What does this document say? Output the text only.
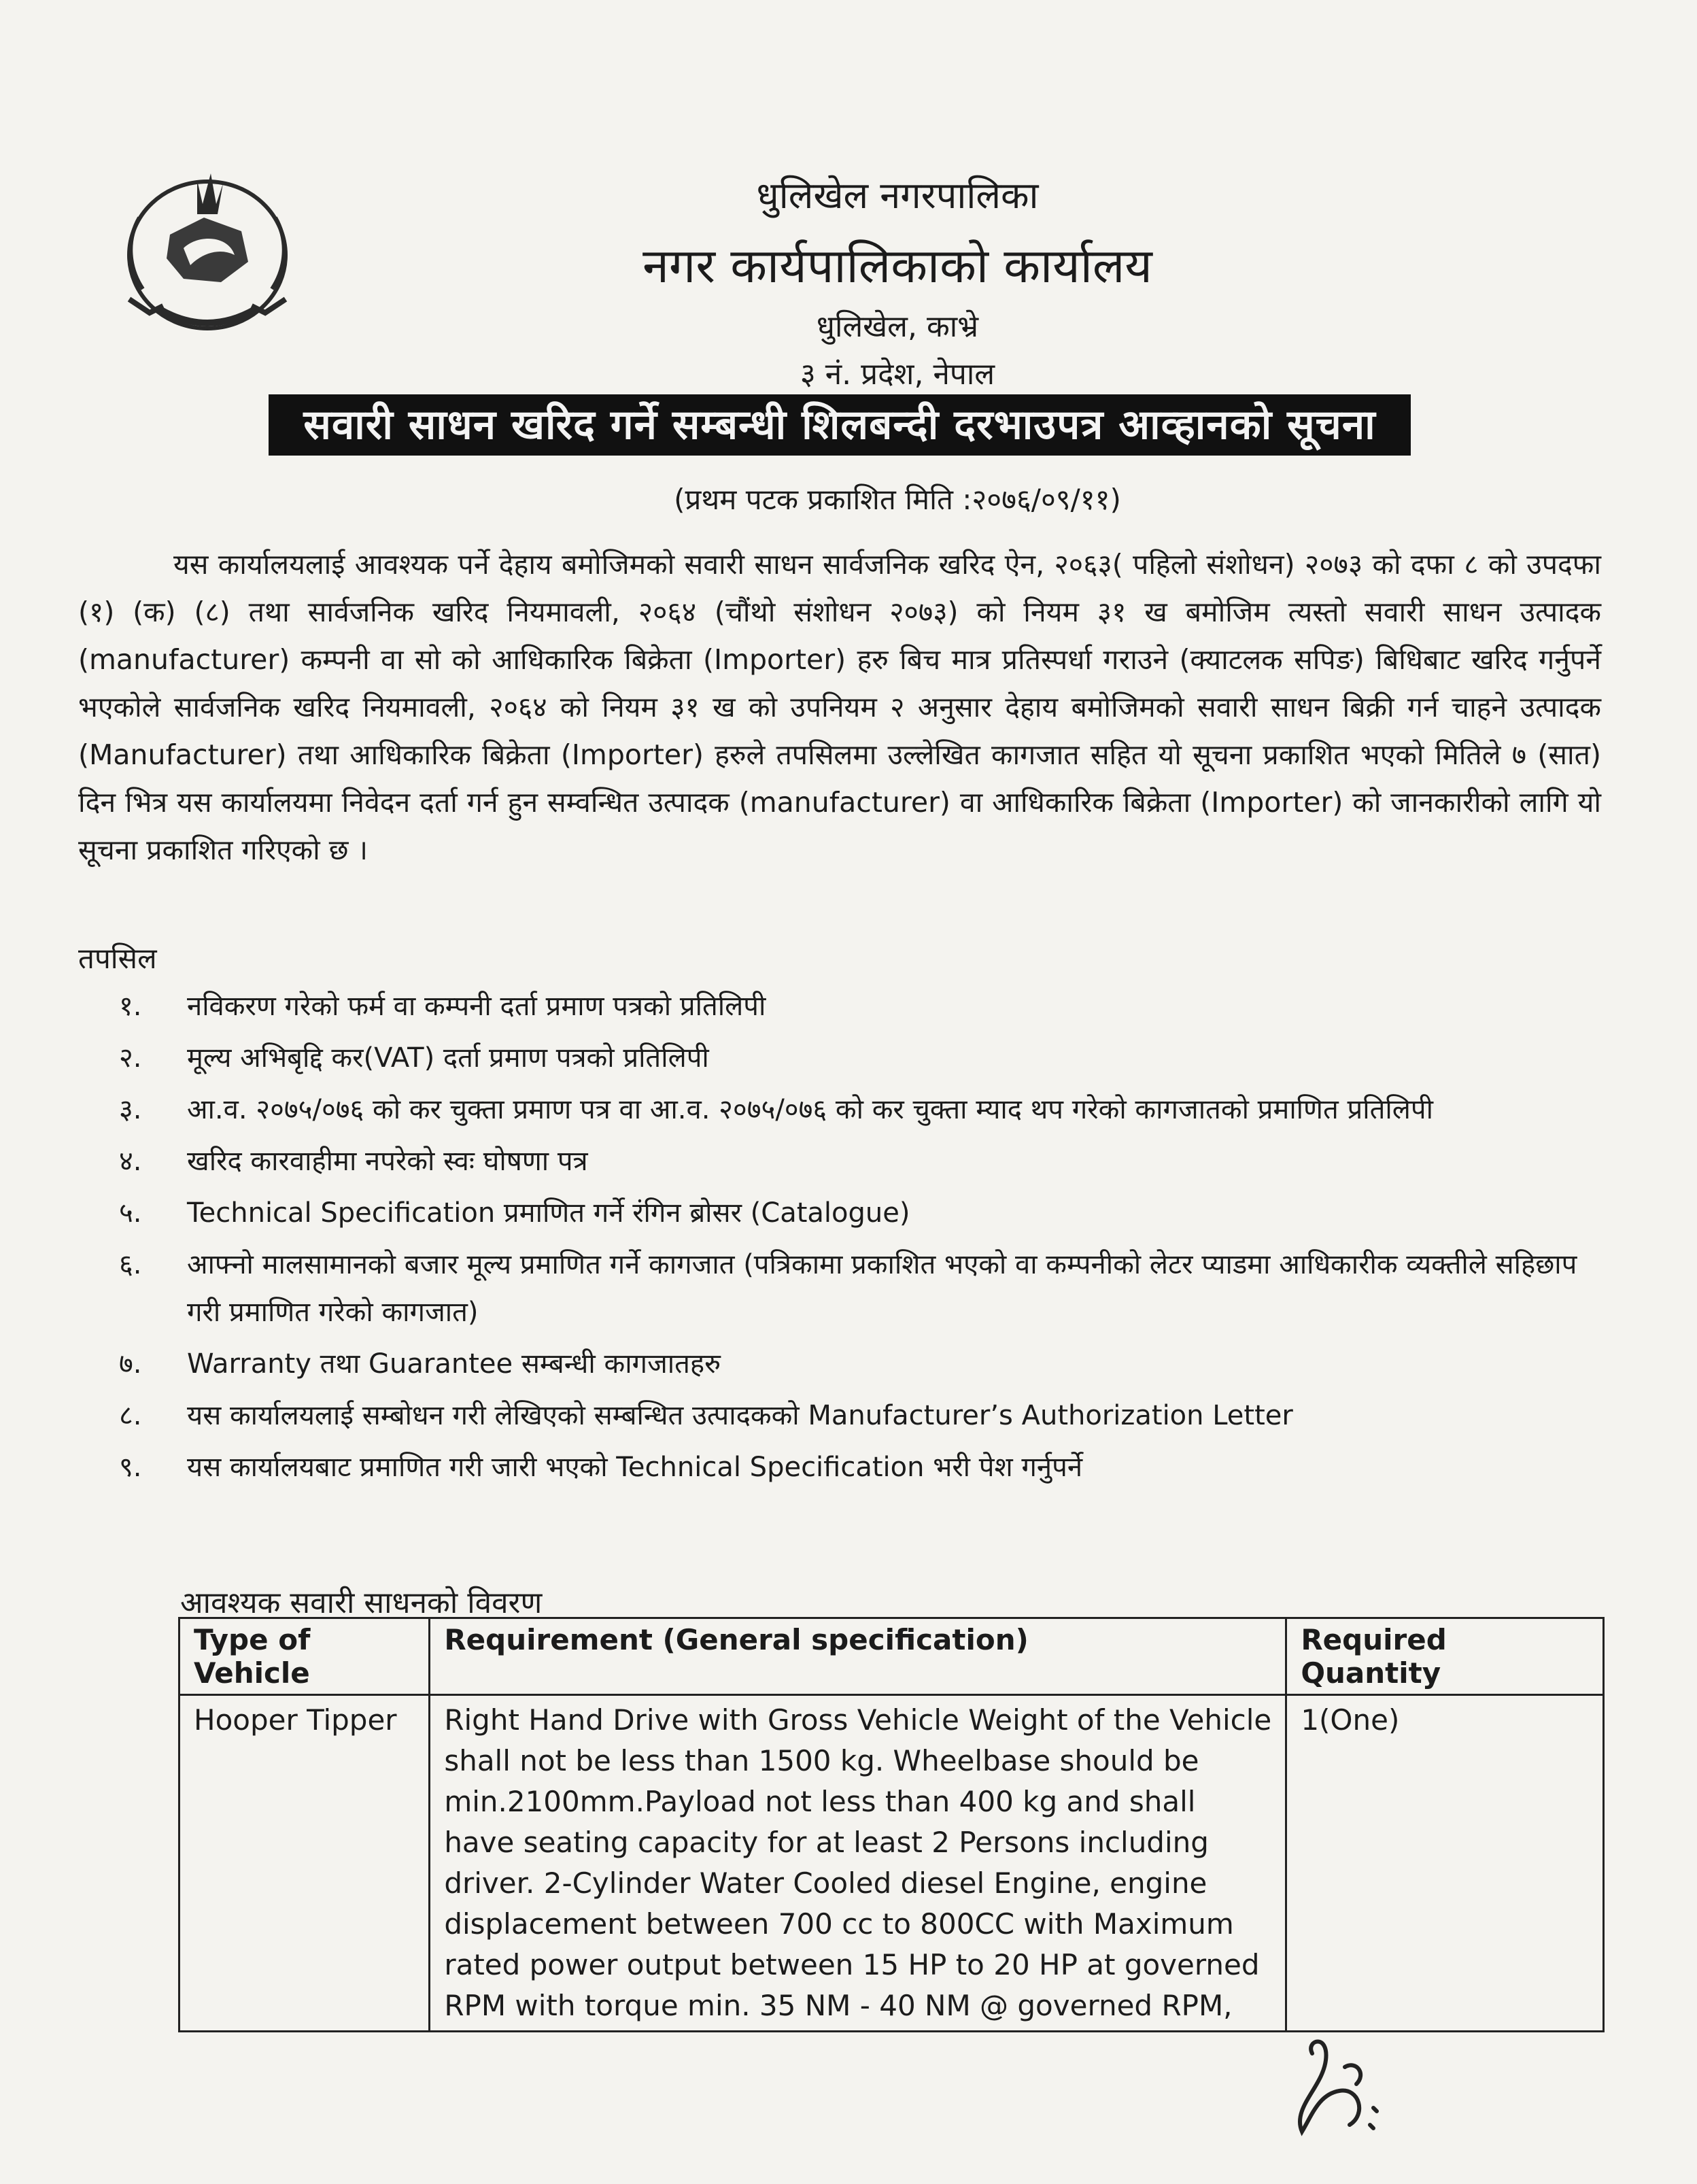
धुलिखेल नगरपालिका
नगर कार्यपालिकाको कार्यालय
धुलिखेल, काभ्रे
३ नं. प्रदेश, नेपाल
सवारी साधन खरिद गर्ने सम्बन्धी शिलबन्दी दरभाउपत्र आव्हानको सूचना
(प्रथम पटक प्रकाशित मिति :२०७६/०९/११)
यस कार्यालयलाई आवश्यक पर्ने देहाय बमोजिमको सवारी साधन सार्वजनिक खरिद ऐन, २०६३( पहिलो संशोधन) २०७३ को दफा ८ को उपदफा (१) (क) (८) तथा सार्वजनिक खरिद नियमावली, २०६४ (चौंथो संशोधन २०७३) को नियम ३१ ख बमोजिम त्यस्तो सवारी साधन उत्पादक (manufacturer) कम्पनी वा सो को आधिकारिक बिक्रेता (Importer) हरु बिच मात्र प्रतिस्पर्धा गराउने (क्याटलक सपिङ) बिधिबाट खरिद गर्नुपर्ने भएकोले सार्वजनिक खरिद नियमावली, २०६४ को नियम ३१ ख को उपनियम २ अनुसार देहाय बमोजिमको सवारी साधन बिक्री गर्न चाहने उत्पादक (Manufacturer) तथा आधिकारिक बिक्रेता (Importer) हरुले तपसिलमा उल्लेखित कागजात सहित यो सूचना प्रकाशित भएको मितिले ७ (सात) दिन भित्र यस कार्यालयमा निवेदन दर्ता गर्न हुन सम्वन्धित उत्पादक (manufacturer) वा आधिकारिक बिक्रेता (Importer) को जानकारीको लागि यो सूचना प्रकाशित गरिएको छ ।
तपसिल
१. नविकरण गरेको फर्म वा कम्पनी दर्ता प्रमाण पत्रको प्रतिलिपी
२. मूल्य अभिबृद्दि कर(VAT) दर्ता प्रमाण पत्रको प्रतिलिपी
३. आ.व. २०७५/०७६ को कर चुक्ता प्रमाण पत्र वा आ.व. २०७५/०७६ को कर चुक्ता म्याद थप गरेको कागजातको प्रमाणित प्रतिलिपी
४. खरिद कारवाहीमा नपरेको स्वः घोषणा पत्र
५. Technical Specification प्रमाणित गर्ने रंगिन ब्रोसर (Catalogue)
६. आफ्नो मालसामानको बजार मूल्य प्रमाणित गर्ने कागजात (पत्रिकामा प्रकाशित भएको वा कम्पनीको लेटर प्याडमा आधिकारीक व्यक्तीले सहिछाप गरी प्रमाणित गरेको कागजात)
७. Warranty तथा Guarantee सम्बन्धी कागजातहरु
८. यस कार्यालयलाई सम्बोधन गरी लेखिएको सम्बन्धित उत्पादकको Manufacturer’s Authorization Letter
९. यस कार्यालयबाट प्रमाणित गरी जारी भएको Technical Specification भरी पेश गर्नुपर्ने
आवश्यक सवारी साधनको विवरण
Type of Vehicle	Requirement (General specification)	Required Quantity
Hooper Tipper	Right Hand Drive with Gross Vehicle Weight of the Vehicle shall not be less than 1500 kg. Wheelbase should be min.2100mm.Payload not less than 400 kg and shall have seating capacity for at least 2 Persons including driver. 2-Cylinder Water Cooled diesel Engine, engine displacement between 700 cc to 800CC with Maximum rated power output between 15 HP to 20 HP at governed RPM with torque min. 35 NM - 40 NM @ governed RPM,	1(One)
